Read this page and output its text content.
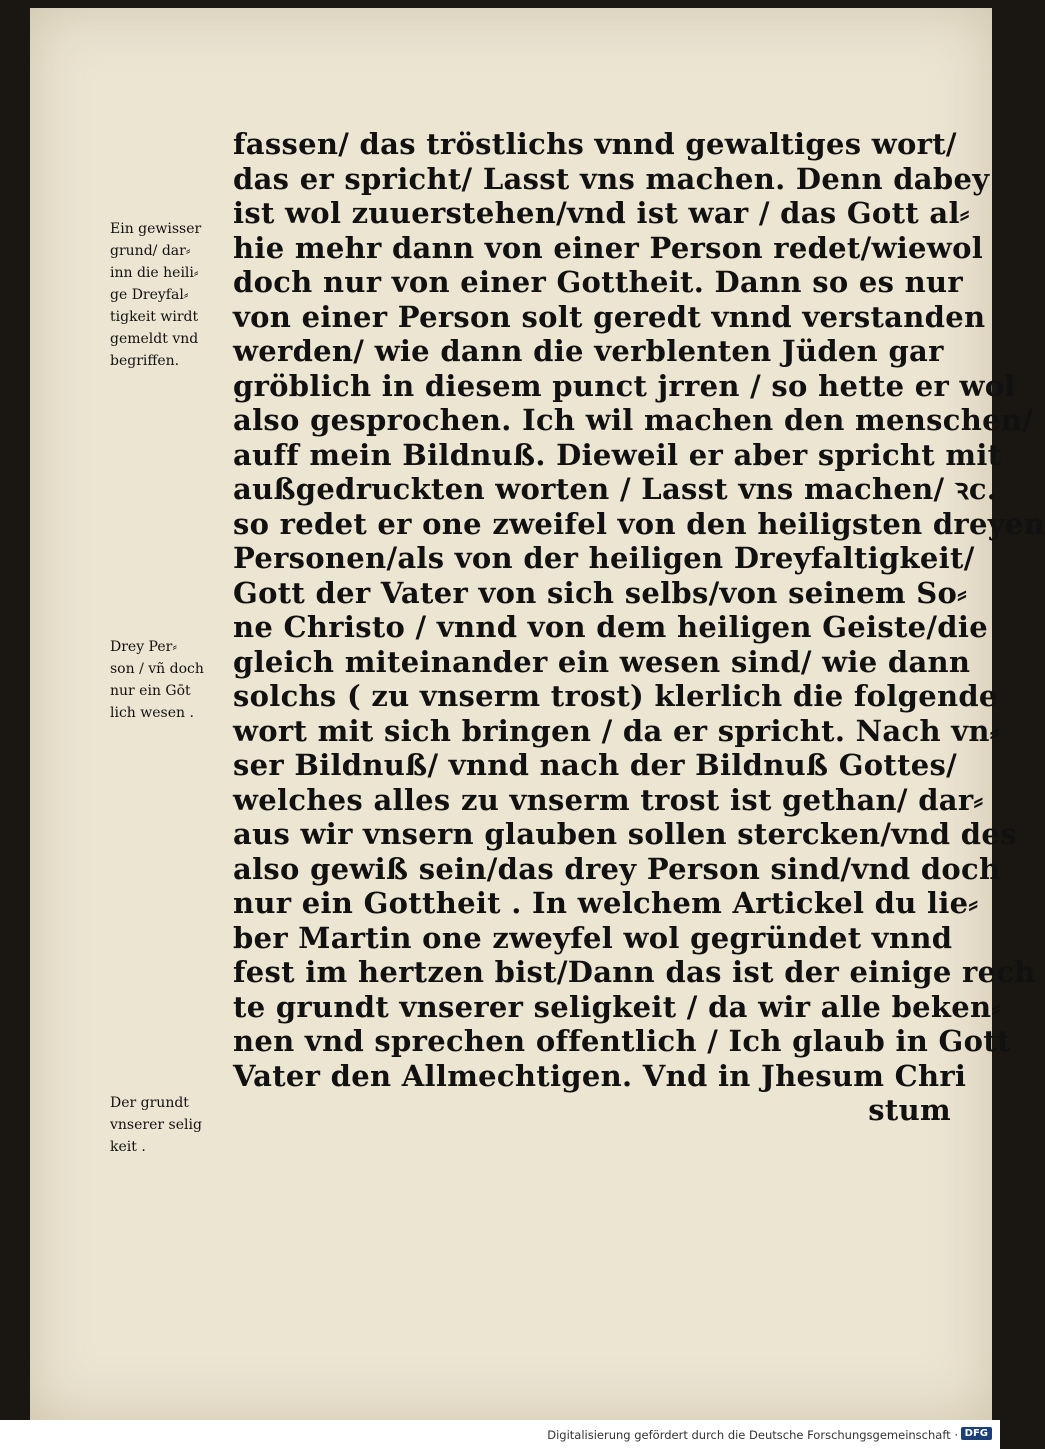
fassen/ das tröstlichs vnnd gewaltiges wort/
das er spricht/ Lasst vns machen. Denn dabey
ist wol zuuerstehen/vnd ist war / das Gott al⸗
hie mehr dann von einer Person redet/wiewol
doch nur von einer Gottheit. Dann so es nur
von einer Person solt geredt vnnd verstanden
werden/ wie dann die verblenten Jüden gar
gröblich in diesem punct jrren / so hette er wol
also gesprochen. Ich wil machen den menschen/
auff mein Bildnuß. Dieweil er aber spricht mit
außgedruckten worten / Lasst vns machen/ ꝛc.
so redet er one zweifel von den heiligsten dreyen
Personen/als von der heiligen Dreyfaltigkeit/
Gott der Vater von sich selbs/von seinem So⸗
ne Christo / vnnd von dem heiligen Geiste/die
gleich miteinander ein wesen sind/ wie dann
solchs ( zu vnserm trost) klerlich die folgende
wort mit sich bringen / da er spricht. Nach vn⸗
ser Bildnuß/ vnnd nach der Bildnuß Gottes/
welches alles zu vnserm trost ist gethan/ dar⸗
aus wir vnsern glauben sollen stercken/vnd des
also gewiß sein/das drey Person sind/vnd doch
nur ein Gottheit . In welchem Artickel du lie⸗
ber Martin one zweyfel wol gegründet vnnd
fest im hertzen bist/Dann das ist der einige rech
te grundt vnserer seligkeit / da wir alle beken⸗
nen vnd sprechen offentlich / Ich glaub in Gott
Vater den Allmechtigen. Vnd in Jhesum Chri
stum
Ein gewisser
grund/ dar⸗
inn die heili⸗
ge Dreyfal⸗
tigkeit wirdt
gemeldt vnd
begriffen.
Drey Per⸗
son / vñ doch
nur ein Gōt
lich wesen .
Der grundt
vnserer selig
keit .
Digitalisierung gefördert durch die Deutsche Forschungsgemeinschaft · DFG
